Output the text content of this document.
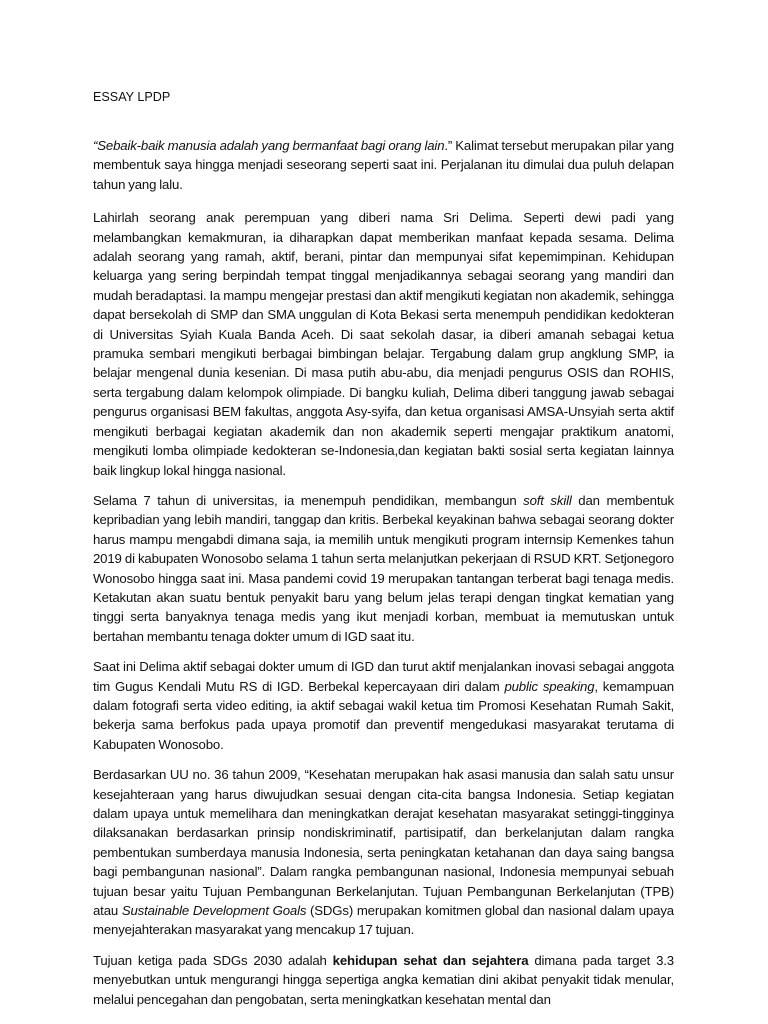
ESSAY LPDP

“Sebaik-baik manusia adalah yang bermanfaat bagi orang lain.” Kalimat tersebut merupakan pilar yang membentuk saya hingga menjadi seseorang seperti saat ini. Perjalanan itu dimulai dua puluh delapan tahun yang lalu.

Lahirlah seorang anak perempuan yang diberi nama Sri Delima. Seperti dewi padi yang melambangkan kemakmuran, ia diharapkan dapat memberikan manfaat kepada sesama. Delima adalah seorang yang ramah, aktif, berani, pintar dan mempunyai sifat kepemimpinan. Kehidupan keluarga yang sering berpindah tempat tinggal menjadikannya sebagai seorang yang mandiri dan mudah beradaptasi. Ia mampu mengejar prestasi dan aktif mengikuti kegiatan non akademik, sehingga dapat bersekolah di SMP dan SMA unggulan di Kota Bekasi serta menempuh pendidikan kedokteran di Universitas Syiah Kuala Banda Aceh. Di saat sekolah dasar, ia diberi amanah sebagai ketua pramuka sembari mengikuti berbagai bimbingan belajar. Tergabung dalam grup angklung SMP, ia belajar mengenal dunia kesenian. Di masa putih abu-abu, dia menjadi pengurus OSIS dan ROHIS, serta tergabung dalam kelompok olimpiade. Di bangku kuliah, Delima diberi tanggung jawab sebagai pengurus organisasi BEM fakultas, anggota Asy-syifa, dan ketua organisasi AMSA-Unsyiah serta aktif mengikuti berbagai kegiatan akademik dan non akademik seperti mengajar praktikum anatomi, mengikuti lomba olimpiade kedokteran se-Indonesia,dan kegiatan bakti sosial serta kegiatan lainnya baik lingkup lokal hingga nasional.

Selama 7 tahun di universitas, ia menempuh pendidikan, membangun soft skill dan membentuk kepribadian yang lebih mandiri, tanggap dan kritis. Berbekal keyakinan bahwa sebagai seorang dokter harus mampu mengabdi dimana saja, ia memilih untuk mengikuti program internsip Kemenkes tahun 2019 di kabupaten Wonosobo selama 1 tahun serta melanjutkan pekerjaan di RSUD KRT. Setjonegoro Wonosobo hingga saat ini. Masa pandemi covid 19 merupakan tantangan terberat bagi tenaga medis. Ketakutan akan suatu bentuk penyakit baru yang belum jelas terapi dengan tingkat kematian yang tinggi serta banyaknya tenaga medis yang ikut menjadi korban, membuat ia memutuskan untuk bertahan membantu tenaga dokter umum di IGD saat itu.

Saat ini Delima aktif sebagai dokter umum di IGD dan turut aktif menjalankan inovasi sebagai anggota tim Gugus Kendali Mutu RS di IGD. Berbekal kepercayaan diri dalam public speaking, kemampuan dalam fotografi serta video editing, ia aktif sebagai wakil ketua tim Promosi Kesehatan Rumah Sakit, bekerja sama berfokus pada upaya promotif dan preventif mengedukasi masyarakat terutama di Kabupaten Wonosobo.

Berdasarkan UU no. 36 tahun 2009, “Kesehatan merupakan hak asasi manusia dan salah satu unsur kesejahteraan yang harus diwujudkan sesuai dengan cita-cita bangsa Indonesia. Setiap kegiatan dalam upaya untuk memelihara dan meningkatkan derajat kesehatan masyarakat setinggi-tingginya dilaksanakan berdasarkan prinsip nondiskriminatif, partisipatif, dan berkelanjutan dalam rangka pembentukan sumberdaya manusia Indonesia, serta peningkatan ketahanan dan daya saing bangsa bagi pembangunan nasional”. Dalam rangka pembangunan nasional, Indonesia mempunyai sebuah tujuan besar yaitu Tujuan Pembangunan Berkelanjutan. Tujuan Pembangunan Berkelanjutan (TPB) atau Sustainable Development Goals (SDGs) merupakan komitmen global dan nasional dalam upaya menyejahterakan masyarakat yang mencakup 17 tujuan.

Tujuan ketiga pada SDGs 2030 adalah kehidupan sehat dan sejahtera dimana pada target 3.3 menyebutkan untuk mengurangi hingga sepertiga angka kematian dini akibat penyakit tidak menular, melalui pencegahan dan pengobatan, serta meningkatkan kesehatan mental dan
